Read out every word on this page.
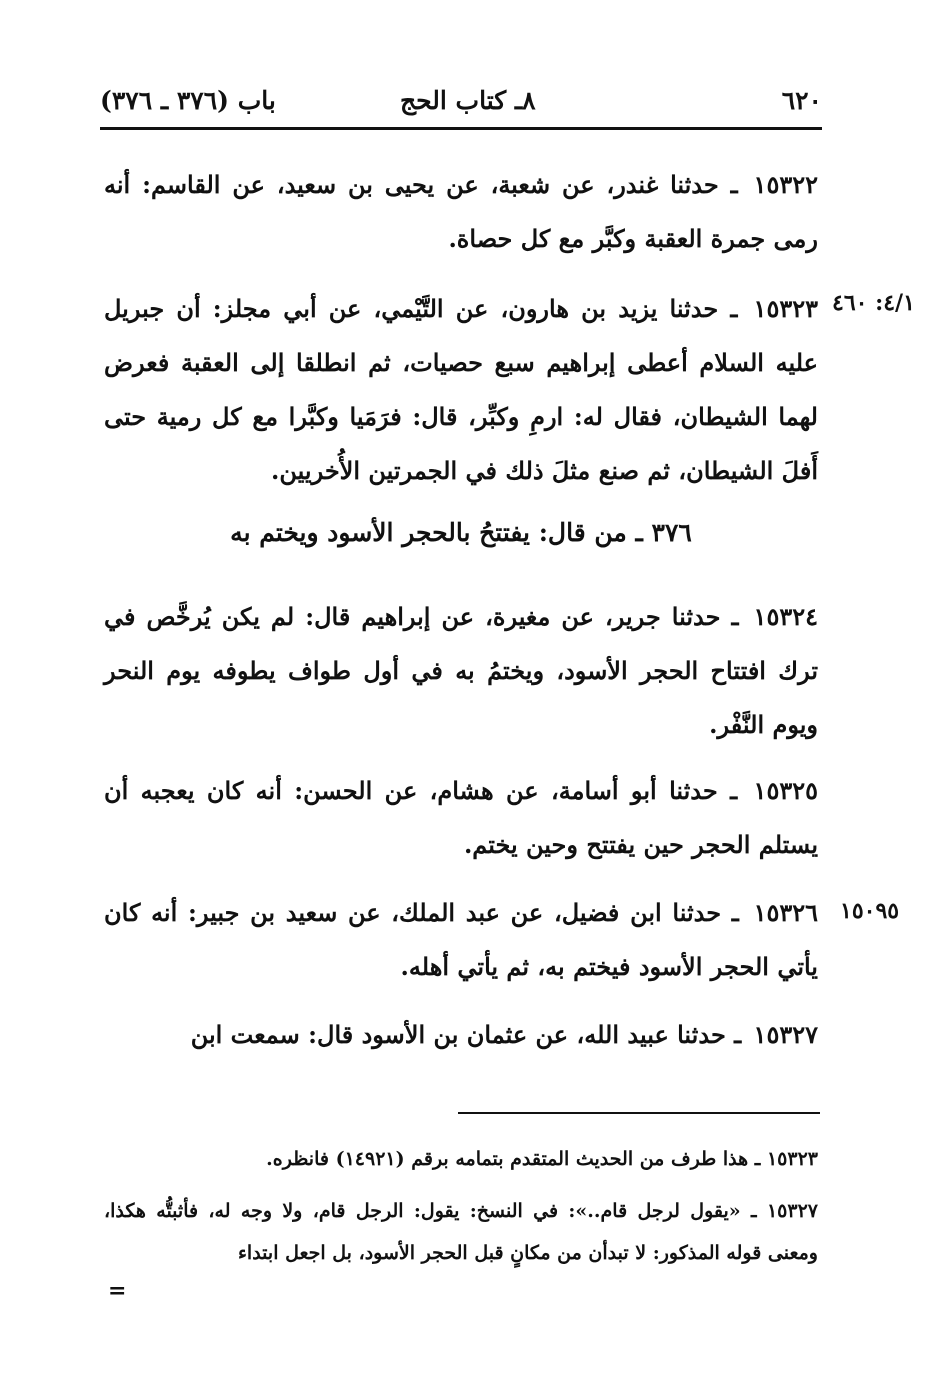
٦٢٠
٨ـ كتاب الحج
باب (٣٧٦ ـ ٣٧٦)
١٥٣٢٢ ـ حدثنا غندر، عن شعبة، عن يحيى بن سعيد، عن القاسم: أنه رمى جمرة العقبة وكبَّر مع كل حصاة.
٤/١: ٤٦٠
١٥٣٢٣ ـ حدثنا يزيد بن هارون، عن التَّيْمي، عن أبي مجلز: أن جبريل عليه السلام أعطى إبراهيم سبع حصيات، ثم انطلقا إلى العقبة فعرض لهما الشيطان، فقال له: ارمِ وكبِّر، قال: فرَمَيا وكبَّرا مع كل رمية حتى أَفلَ الشيطان، ثم صنع مثلَ ذلك في الجمرتين الأُخريين.
٣٧٦ ـ من قال: يفتتحُ بالحجر الأسود ويختم به
١٥٣٢٤ ـ حدثنا جرير، عن مغيرة، عن إبراهيم قال: لم يكن يُرخَّص في ترك افتتاح الحجر الأسود، ويختمُ به في أول طواف يطوفه يوم النحر ويوم النَّفْر.
١٥٣٢٥ ـ حدثنا أبو أسامة، عن هشام، عن الحسن: أنه كان يعجبه أن يستلم الحجر حين يفتتح وحين يختم.
١٥٠٩٥
١٥٣٢٦ ـ حدثنا ابن فضيل، عن عبد الملك، عن سعيد بن جبير: أنه كان يأتي الحجر الأسود فيختم به، ثم يأتي أهله.
١٥٣٢٧ ـ حدثنا عبيد الله، عن عثمان بن الأسود قال: سمعت ابن
١٥٣٢٣ ـ هذا طرف من الحديث المتقدم بتمامه برقم (١٤٩٢١) فانظره.
١٥٣٢٧ ـ «يقول لرجل قام..»: في النسخ: يقول: الرجل قام، ولا وجه له، فأثبتُّه هكذا، ومعنى قوله المذكور: لا تبدأن من مكانٍ قبل الحجر الأسود، بل اجعل ابتداء
=
